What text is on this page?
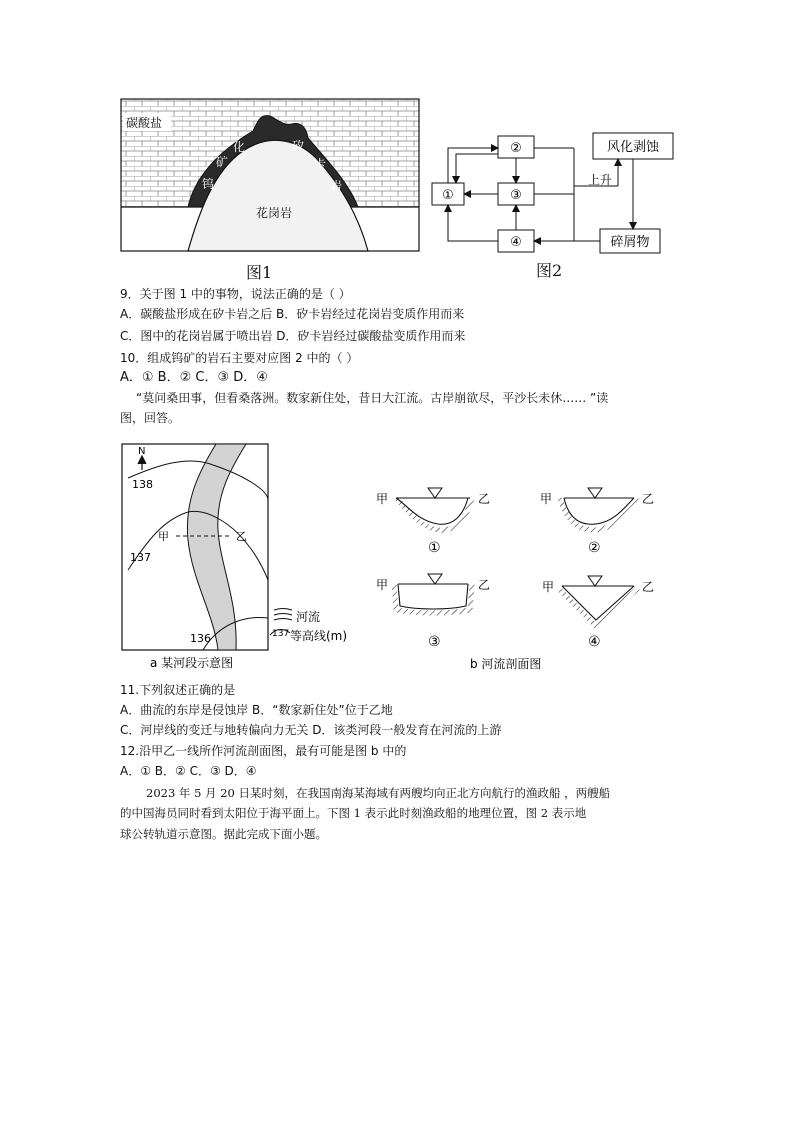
碳酸盐
花岗岩
钨
矿
化	矽
卡
岩
图1
①
②
③
④
风化剥蚀
碎屑物
上升
图2
9．关于图 1 中的事物，说法正确的是（ ）
A．碳酸盐形成在矽卡岩之后 B．矽卡岩经过花岗岩变质作用而来
C．图中的花岗岩属于喷出岩 D．矽卡岩经过碳酸盐变质作用而来
10．组成钨矿的岩石主要对应图 2 中的（ ）
A．① B．② C．③ D．④
“莫问桑田事，但看桑落洲。数家新住处，昔日大江流。古岸崩欲尽，平沙长未休…… ”读
图，回答。
N
138
137
136
甲	乙
河流
137 等高线(m)
a 某河段示意图
甲	乙	甲	乙
甲	乙	甲	乙
①	②
③	④
b 河流剖面图
11.下列叙述正确的是
A．曲流的东岸是侵蚀岸 B．“数家新住处”位于乙地
C．河岸线的变迁与地转偏向力无关 D．该类河段一般发育在河流的上游
12.沿甲乙一线所作河流剖面图，最有可能是图 b 中的
A．① B．② C．③ D．④
2023 年 5 月 20 日某时刻，在我国南海某海域有两艘均向正北方向航行的渔政船 ，两艘船
的中国海员同时看到太阳位于海平面上。下图 1 表示此时刻渔政船的地理位置，图 2 表示地
球公转轨道示意图。据此完成下面小题。
